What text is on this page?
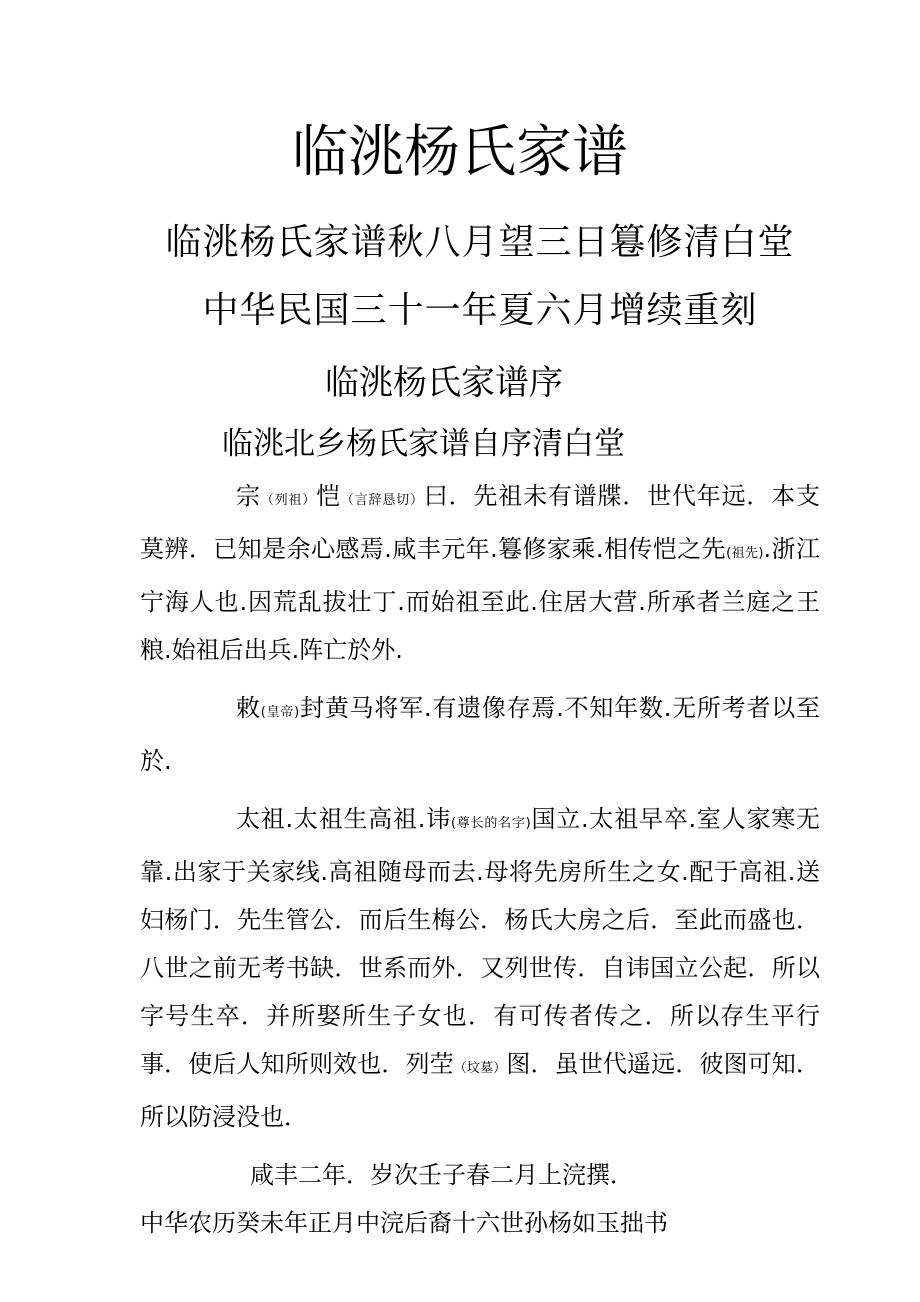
临洮杨氏家谱
临洮杨氏家谱秋八月望三日篹修清白堂
中华民国三十一年夏六月增续重刻
临洮杨氏家谱序
临洮北乡杨氏家谱自序清白堂

宗（列祖）恺（言辞恳切）曰．先祖未有谱牒．世代年远．本支莫辨．已知是余心感焉.咸丰元年.篹修家乘.相传恺之先(祖先).浙江宁海人也.因荒乱拔壮丁.而始祖至此.住居大营.所承者兰庭之王粮.始祖后出兵.阵亡於外.

敕(皇帝)封黄马将军.有遗像存焉.不知年数.无所考者以至於.

太祖.太祖生高祖.讳(尊长的名字)国立.太祖早卒.室人家寒无靠.出家于关家线.高祖随母而去.母将先房所生之女.配于高祖.送妇杨门．先生管公．而后生梅公．杨氏大房之后．至此而盛也．八世之前无考书缺．世系而外．又列世传．自讳国立公起．所以字号生卒．并所娶所生子女也．有可传者传之．所以存生平行事．使后人知所则效也．列茔（坟墓）图．虽世代遥远．彼图可知．所以防浸没也．

咸丰二年．岁次壬子春二月上浣撰．

中华农历癸未年正月中浣后裔十六世孙杨如玉拙书
